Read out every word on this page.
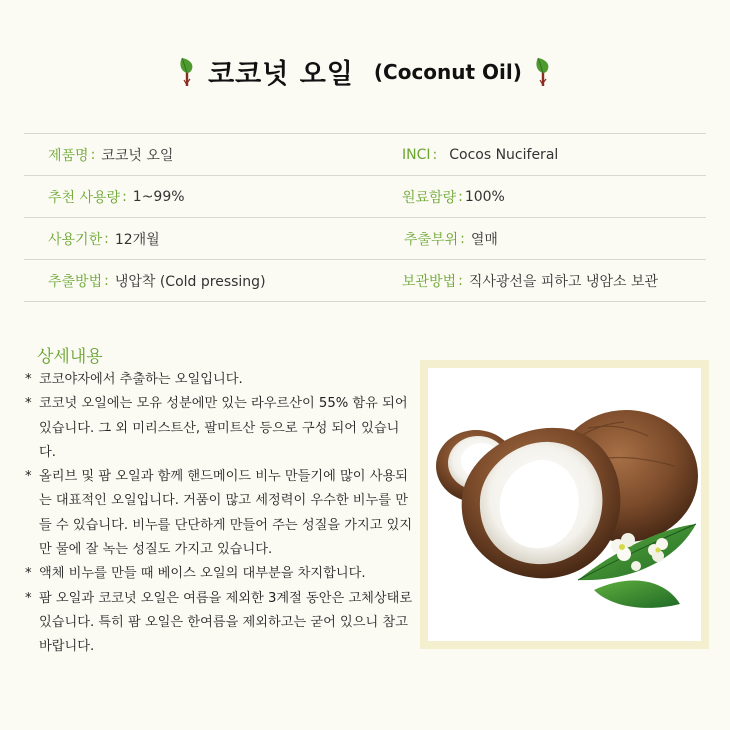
코코넛 오일 (Coconut Oil)
제품명 : 코코넛 오일	INCI : Cocos Nuciferal
추천 사용량 : 1~99%	원료함량 : 100%
사용기한 : 12개월	추출부위 : 열매
추출방법 : 냉압착 (Cold pressing)	보관방법 : 직사광선을 피하고 냉암소 보관
상세내용
* 코코야자에서 추출하는 오일입니다.
* 코코넛 오일에는 모유 성분에만 있는 라우르산이 55% 함유 되어있습니다. 그 외 미리스트산, 팔미트산 등으로 구성 되어 있습니다.
* 올리브 및 팜 오일과 함께 핸드메이드 비누 만들기에 많이 사용되는 대표적인 오일입니다. 거품이 많고 세정력이 우수한 비누를 만들 수 있습니다. 비누를 단단하게 만들어 주는 성질을 가지고 있지만 물에 잘 녹는 성질도 가지고 있습니다.
* 액체 비누를 만들 때 베이스 오일의 대부분을 차지합니다.
* 팜 오일과 코코넛 오일은 여름을 제외한 3계절 동안은 고체상태로 있습니다. 특히 팜 오일은 한여름을 제외하고는 굳어 있으니 참고 바랍니다.
